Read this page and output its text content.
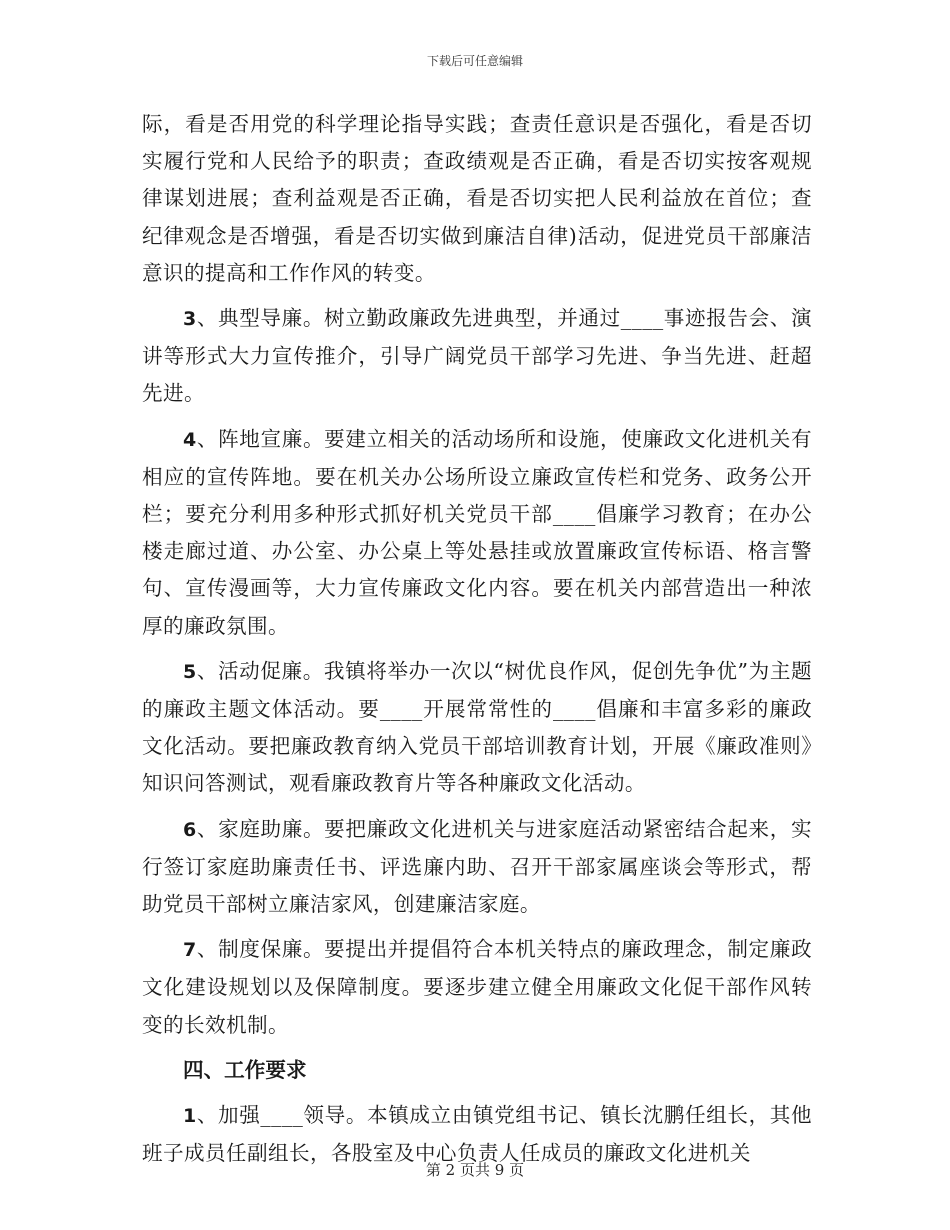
下载后可任意编辑

际，看是否用党的科学理论指导实践；查责任意识是否强化，看是否切实履行党和人民给予的职责；查政绩观是否正确，看是否切实按客观规律谋划进展；查利益观是否正确，看是否切实把人民利益放在首位；查纪律观念是否增强，看是否切实做到廉洁自律)活动，促进党员干部廉洁意识的提高和工作作风的转变。

3、典型导廉。树立勤政廉政先进典型，并通过____事迹报告会、演讲等形式大力宣传推介，引导广阔党员干部学习先进、争当先进、赶超先进。

4、阵地宣廉。要建立相关的活动场所和设施，使廉政文化进机关有相应的宣传阵地。要在机关办公场所设立廉政宣传栏和党务、政务公开栏；要充分利用多种形式抓好机关党员干部____倡廉学习教育；在办公楼走廊过道、办公室、办公桌上等处悬挂或放置廉政宣传标语、格言警句、宣传漫画等，大力宣传廉政文化内容。要在机关内部营造出一种浓厚的廉政氛围。

5、活动促廉。我镇将举办一次以“树优良作风，促创先争优”为主题的廉政主题文体活动。要____开展常常性的____倡廉和丰富多彩的廉政文化活动。要把廉政教育纳入党员干部培训教育计划，开展《廉政准则》知识问答测试，观看廉政教育片等各种廉政文化活动。

6、家庭助廉。要把廉政文化进机关与进家庭活动紧密结合起来，实行签订家庭助廉责任书、评选廉内助、召开干部家属座谈会等形式，帮助党员干部树立廉洁家风，创建廉洁家庭。

7、制度保廉。要提出并提倡符合本机关特点的廉政理念，制定廉政文化建设规划以及保障制度。要逐步建立健全用廉政文化促干部作风转变的长效机制。

四、工作要求

1、加强____领导。本镇成立由镇党组书记、镇长沈鹏任组长，其他班子成员任副组长，各股室及中心负责人任成员的廉政文化进机关

第 2 页共 9 页
